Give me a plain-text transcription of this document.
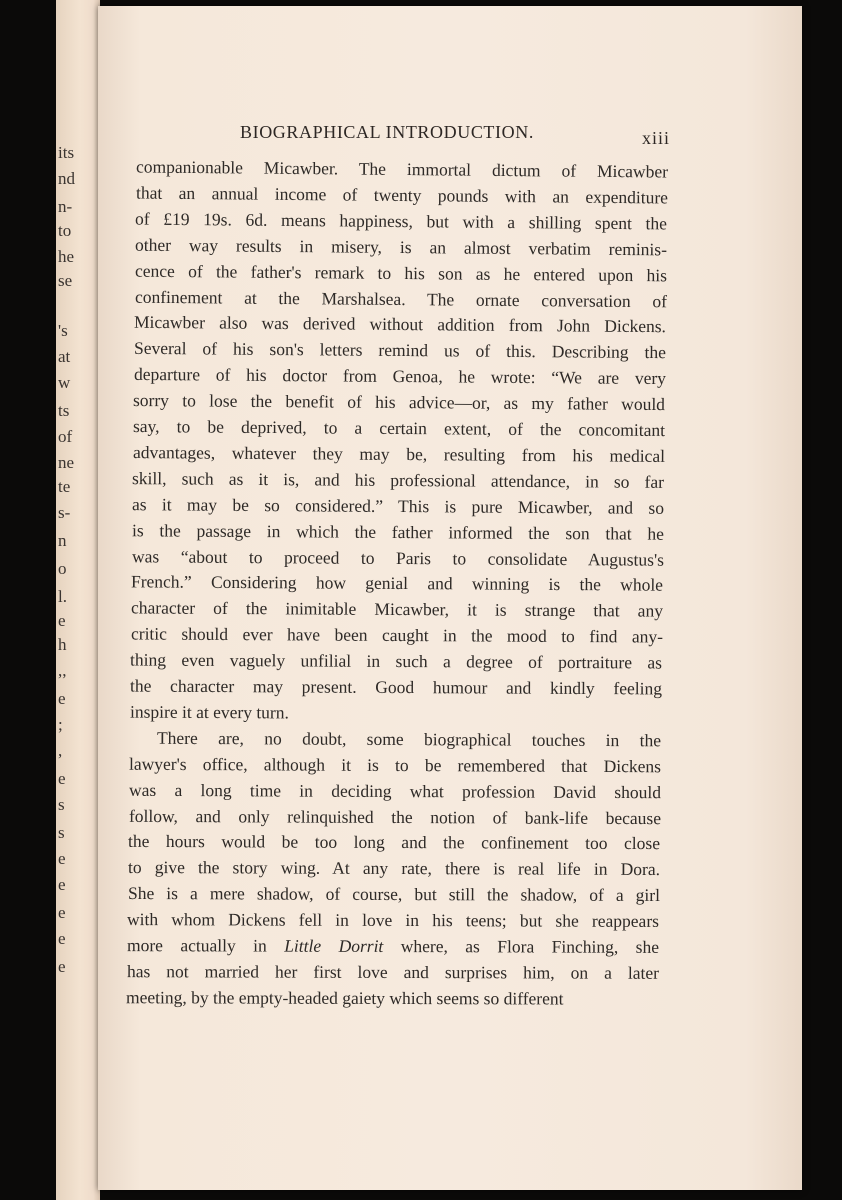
its
nd
n-
to
he
se
's
at
w
ts
of
ne
te
s-
n
o
l.
e
h
,,
e
;
,
e
s
s
e
e
e
e
e
BIOGRAPHICAL INTRODUCTION.	xiii
companionable Micawber. The immortal dictum of Micawber
that an annual income of twenty pounds with an expenditure
of £19 19s. 6d. means happiness, but with a shilling spent the
other way results in misery, is an almost verbatim reminis-
cence of the father's remark to his son as he entered upon his
confinement at the Marshalsea. The ornate conversation of
Micawber also was derived without addition from John Dickens.
Several of his son's letters remind us of this. Describing the
departure of his doctor from Genoa, he wrote: “We are very
sorry to lose the benefit of his advice—or, as my father would
say, to be deprived, to a certain extent, of the concomitant
advantages, whatever they may be, resulting from his medical
skill, such as it is, and his professional attendance, in so far
as it may be so considered.” This is pure Micawber, and so
is the passage in which the father informed the son that he
was “about to proceed to Paris to consolidate Augustus's
French.” Considering how genial and winning is the whole
character of the inimitable Micawber, it is strange that any
critic should ever have been caught in the mood to find any-
thing even vaguely unfilial in such a degree of portraiture as
the character may present. Good humour and kindly feeling
inspire it at every turn.
There are, no doubt, some biographical touches in the
lawyer's office, although it is to be remembered that Dickens
was a long time in deciding what profession David should
follow, and only relinquished the notion of bank-life because
the hours would be too long and the confinement too close
to give the story wing. At any rate, there is real life in Dora.
She is a mere shadow, of course, but still the shadow, of a girl
with whom Dickens fell in love in his teens; but she reappears
more actually in Little Dorrit where, as Flora Finching, she
has not married her first love and surprises him, on a later
meeting, by the empty-headed gaiety which seems so different
